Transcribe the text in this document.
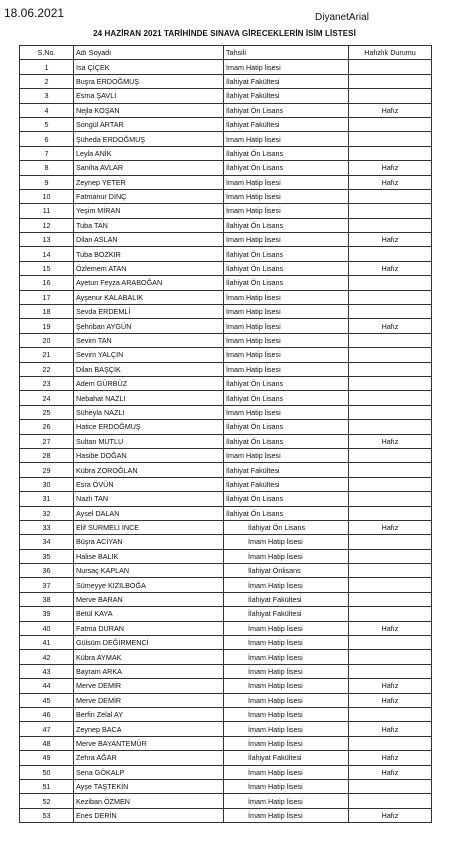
18.06.2021	DiyanetArial
24 HAZİRAN 2021 TARİHİNDE SINAVA GİRECEKLERİN İSİM LİSTESİ
S.No.	Adı Soyadı	Tahsili	Hafızlık Durumu
1	İsa ÇİÇEK	İmam Hatip lisesi	
2	Buşra ERDOĞMUŞ	İlahiyat Fakültesi	
3	Esma ŞAVLI	İlahiyat Fakültesi	
4	Nejla KOŞAN	İlahiyat Ön Lisans	Hafız
5	Songül ARTAR	İlahiyat Fakültesi	
6	Şüheda ERDOĞMUŞ	İmam Hatip lisesi	
7	Leyla ANİK	İlahiyat Ön Lisans	
8	Saniha AVLAR	İlahiyat Ön Lisans	Hafız
9	Zeynep YETER	İmam Hatip lisesi	Hafız
10	Fatmanur DİNÇ	İmam Hatip lisesi	
11	Yeşim MİRAN	İmam Hatip lisesi	
12	Tuba TAN	İlahiyat Ön Lisans	
13	Dilan ASLAN	İmam Hatip lisesi	Hafız
14	Tuba BOZKIR	İlahiyat Ön Lisans	
15	Özlemem ATAN	İlahiyat Ön Lisans	Hafız
16	Ayetun Feyza ARABOĞAN	İlahiyat Ön Lisans	
17	Ayşenur KALABALIK	İmam Hatip lisesi	
18	Sevda ERDEMLİ	İmam Hatip lisesi	
19	Şehriban AYGÜN	İmam Hatip lisesi	Hafız
20	Sevim TAN	İmam Hatip lisesi	
21	Sevim YALÇIN	İmam Hatip lisesi	
22	Dilan BAŞÇİK	İmam Hatip lisesi	
23	Adem GÜRBÜZ	İlahiyat Ön Lisans	
24	Nebahat NAZLI	İlahiyat Ön Lisans	
25	Süheyla NAZLI	İmam Hatip lisesi	
26	Hatice ERDOĞMUŞ	İlahiyat Ön Lisans	
27	Sultan MUTLU	İlahiyat Ön Lisans	Hafız
28	Hasibe DOĞAN	İmam Hatip lisesi	
29	Kübra ZOROĞLAN	İlahiyat Fakültesi	
30	Esra ÖVÜN	İlahiyat Fakültesi	
31	Nazlı TAN	İlahiyat Ön Lisans	
32	Aysel DALAN	İlahiyat Ön Lisans	
33	Elif SÜRMELİ İNCE	İlahiyat Ön Lisans	Hafız
34	Büşra ACİYAN	İmam Hatip lisesi	
35	Halise BALIK	İmam Hatip lisesi	
36	Nursaç KAPLAN	İlahiyat Önlisans	
37	Sümeyye KIZILBOĞA	İmam Hatip lisesi	
38	Merve BARAN	İlahiyat Fakültesi	
39	Betül KAYA	İlahiyat Fakültesi	
40	Fatma DURAN	İmam Hatip lisesi	Hafız
41	Gülsüm DEĞİRMENCİ	İmam Hatip lisesi	
42	Kübra AYMAK	İmam Hatip lisesi	
43	Bayram ARKA	İmam Hatip lisesi	
44	Merve DEMİR	İmam Hatip lisesi	Hafız
45	Merve DEMİR	İmam Hatip lisesi	Hafız
46	Berfin Zelal AY	İmam Hatip lisesi	
47	Zeynep BACA	İmam Hatip lisesi	Hafız
48	Merve BAYANTEMÜR	İmam Hatip lisesi	
49	Zehra AĞAR	İlahiyat Fakültesi	Hafız
50	Sena GÖKALP	İmam Hatip lisesi	Hafız
51	Ayşe TAŞTEKİN	İmam Hatip lisesi	
52	Keziban ÖZMEN	İmam Hatip lisesi	
53	Enes DERİN	İmam Hatip lisesi	Hafız
